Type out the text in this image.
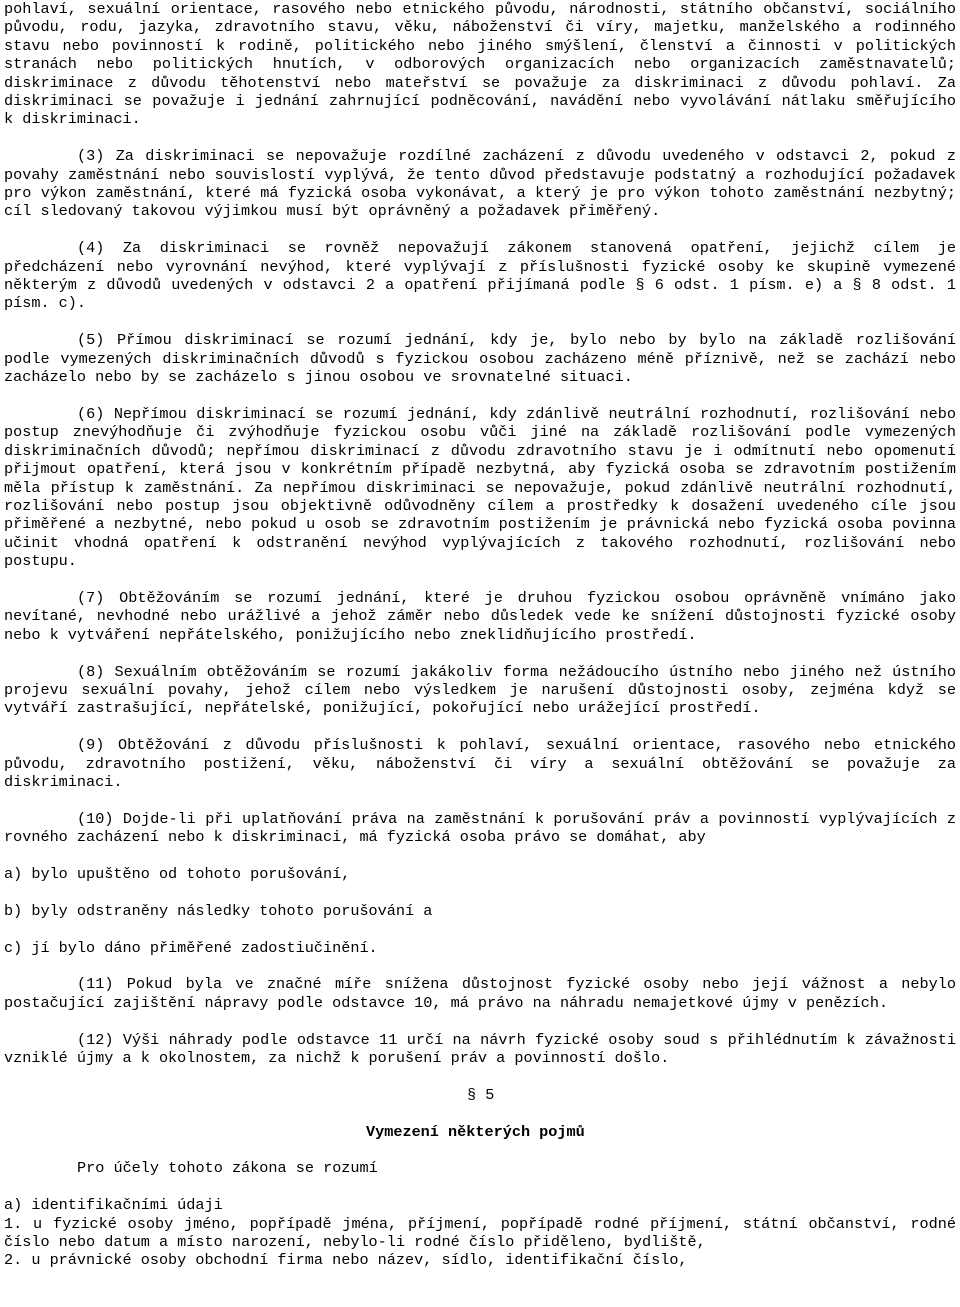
pohlaví, sexuální orientace, rasového nebo etnického původu, národnosti, státního občanství, sociálního původu, rodu, jazyka, zdravotního stavu, věku, náboženství či víry, majetku, manželského a rodinného stavu nebo povinností k rodině, politického nebo jiného smýšlení, členství a činnosti v politických stranách nebo politických hnutích, v odborových organizacích nebo organizacích zaměstnavatelů; diskriminace z důvodu těhotenství nebo mateřství se považuje za diskriminaci z důvodu pohlaví. Za diskriminaci se považuje i jednání zahrnující podněcování, navádění nebo vyvolávání nátlaku směřujícího k diskriminaci.

(3) Za diskriminaci se nepovažuje rozdílné zacházení z důvodu uvedeného v odstavci 2, pokud z povahy zaměstnání nebo souvislostí vyplývá, že tento důvod představuje podstatný a rozhodující požadavek pro výkon zaměstnání, které má fyzická osoba vykonávat, a který je pro výkon tohoto zaměstnání nezbytný; cíl sledovaný takovou výjimkou musí být oprávněný a požadavek přiměřený.

(4) Za diskriminaci se rovněž nepovažují zákonem stanovená opatření, jejichž cílem je předcházení nebo vyrovnání nevýhod, které vyplývají z příslušnosti fyzické osoby ke skupině vymezené některým z důvodů uvedených v odstavci 2 a opatření přijímaná podle § 6 odst. 1 písm. e) a § 8 odst. 1 písm. c).

(5) Přímou diskriminací se rozumí jednání, kdy je, bylo nebo by bylo na základě rozlišování podle vymezených diskriminačních důvodů s fyzickou osobou zacházeno méně příznivě, než se zachází nebo zacházelo nebo by se zacházelo s jinou osobou ve srovnatelné situaci.

(6) Nepřímou diskriminací se rozumí jednání, kdy zdánlivě neutrální rozhodnutí, rozlišování nebo postup znevýhodňuje či zvýhodňuje fyzickou osobu vůči jiné na základě rozlišování podle vymezených diskriminačních důvodů; nepřímou diskriminací z důvodu zdravotního stavu je i odmítnutí nebo opomenutí přijmout opatření, která jsou v konkrétním případě nezbytná, aby fyzická osoba se zdravotním postižením měla přístup k zaměstnání. Za nepřímou diskriminaci se nepovažuje, pokud zdánlivě neutrální rozhodnutí, rozlišování nebo postup jsou objektivně odůvodněny cílem a prostředky k dosažení uvedeného cíle jsou přiměřené a nezbytné, nebo pokud u osob se zdravotním postižením je právnická nebo fyzická osoba povinna učinit vhodná opatření k odstranění nevýhod vyplývajících z takového rozhodnutí, rozlišování nebo postupu.

(7) Obtěžováním se rozumí jednání, které je druhou fyzickou osobou oprávněně vnímáno jako nevítané, nevhodné nebo urážlivé a jehož záměr nebo důsledek vede ke snížení důstojnosti fyzické osoby nebo k vytváření nepřátelského, ponižujícího nebo zneklidňujícího prostředí.

(8) Sexuálním obtěžováním se rozumí jakákoliv forma nežádoucího ústního nebo jiného než ústního projevu sexuální povahy, jehož cílem nebo výsledkem je narušení důstojnosti osoby, zejména když se vytváří zastrašující, nepřátelské, ponižující, pokořující nebo urážející prostředí.

(9) Obtěžování z důvodu příslušnosti k pohlaví, sexuální orientace, rasového nebo etnického původu, zdravotního postižení, věku, náboženství či víry a sexuální obtěžování se považuje za diskriminaci.

(10) Dojde-li při uplatňování práva na zaměstnání k porušování práv a povinností vyplývajících z rovného zacházení nebo k diskriminaci, má fyzická osoba právo se domáhat, aby

a) bylo upuštěno od tohoto porušování,

b) byly odstraněny následky tohoto porušování a

c) jí bylo dáno přiměřené zadostiučinění.

(11) Pokud byla ve značné míře snížena důstojnost fyzické osoby nebo její vážnost a nebylo postačující zajištění nápravy podle odstavce 10, má právo na náhradu nemajetkové újmy v penězích.

(12) Výši náhrady podle odstavce 11 určí na návrh fyzické osoby soud s přihlédnutím k závažnosti vzniklé újmy a k okolnostem, za nichž k porušení práv a povinností došlo.

§ 5
Vymezení některých pojmů
Pro účely tohoto zákona se rozumí

a) identifikačními údaji

1. u fyzické osoby jméno, popřípadě jména, příjmení, popřípadě rodné příjmení, státní občanství, rodné číslo nebo datum a místo narození, nebylo-li rodné číslo přiděleno, bydliště,

2. u právnické osoby obchodní firma nebo název, sídlo, identifikační číslo,
